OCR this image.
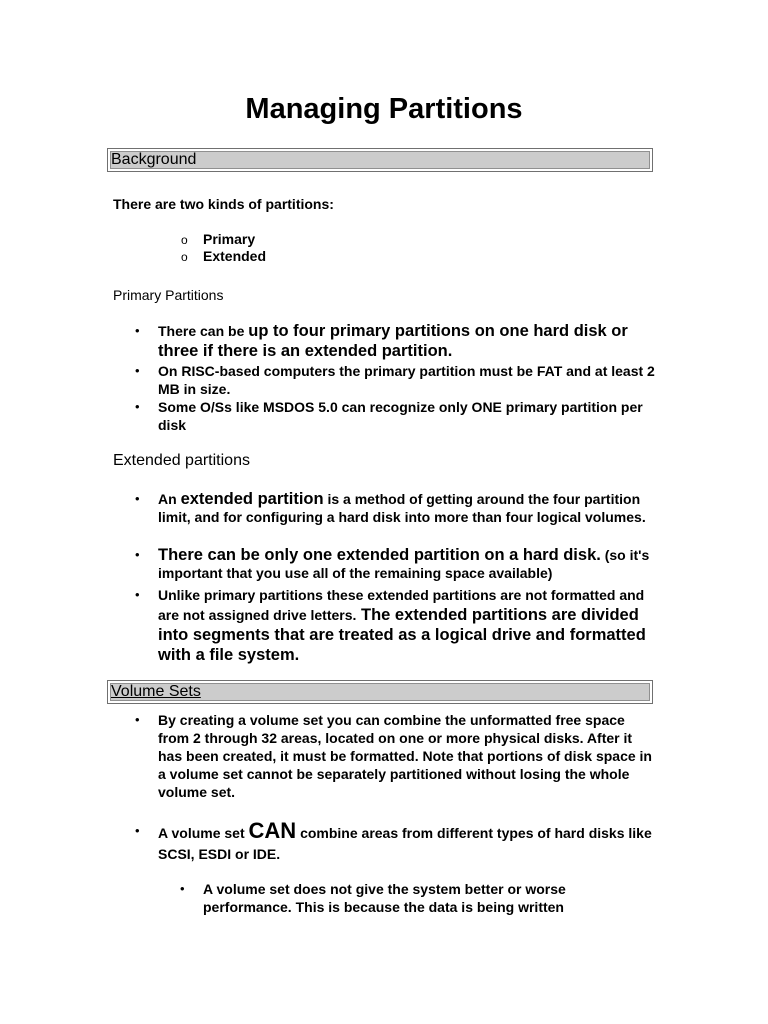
Managing Partitions
Background

There are two kinds of partitions:

o Primary
o Extended

Primary Partitions

• There can be up to four primary partitions on one hard disk or three if there is an extended partition.
• On RISC-based computers the primary partition must be FAT and at least 2 MB in size.
• Some O/Ss like MSDOS 5.0 can recognize only ONE primary partition per disk

Extended partitions

• An extended partition is a method of getting around the four partition limit, and for configuring a hard disk into more than four logical volumes.
• There can be only one extended partition on a hard disk. (so it's important that you use all of the remaining space available)
• Unlike primary partitions these extended partitions are not formatted and are not assigned drive letters. The extended partitions are divided into segments that are treated as a logical drive and formatted with a file system.
Volume Sets
• By creating a volume set you can combine the unformatted free space from 2 through 32 areas, located on one or more physical disks. After it has been created, it must be formatted. Note that portions of disk space in a volume set cannot be separately partitioned without losing the whole volume set.
• A volume set CAN combine areas from different types of hard disks like SCSI, ESDI or IDE.
• A volume set does not give the system better or worse performance. This is because the data is being written
